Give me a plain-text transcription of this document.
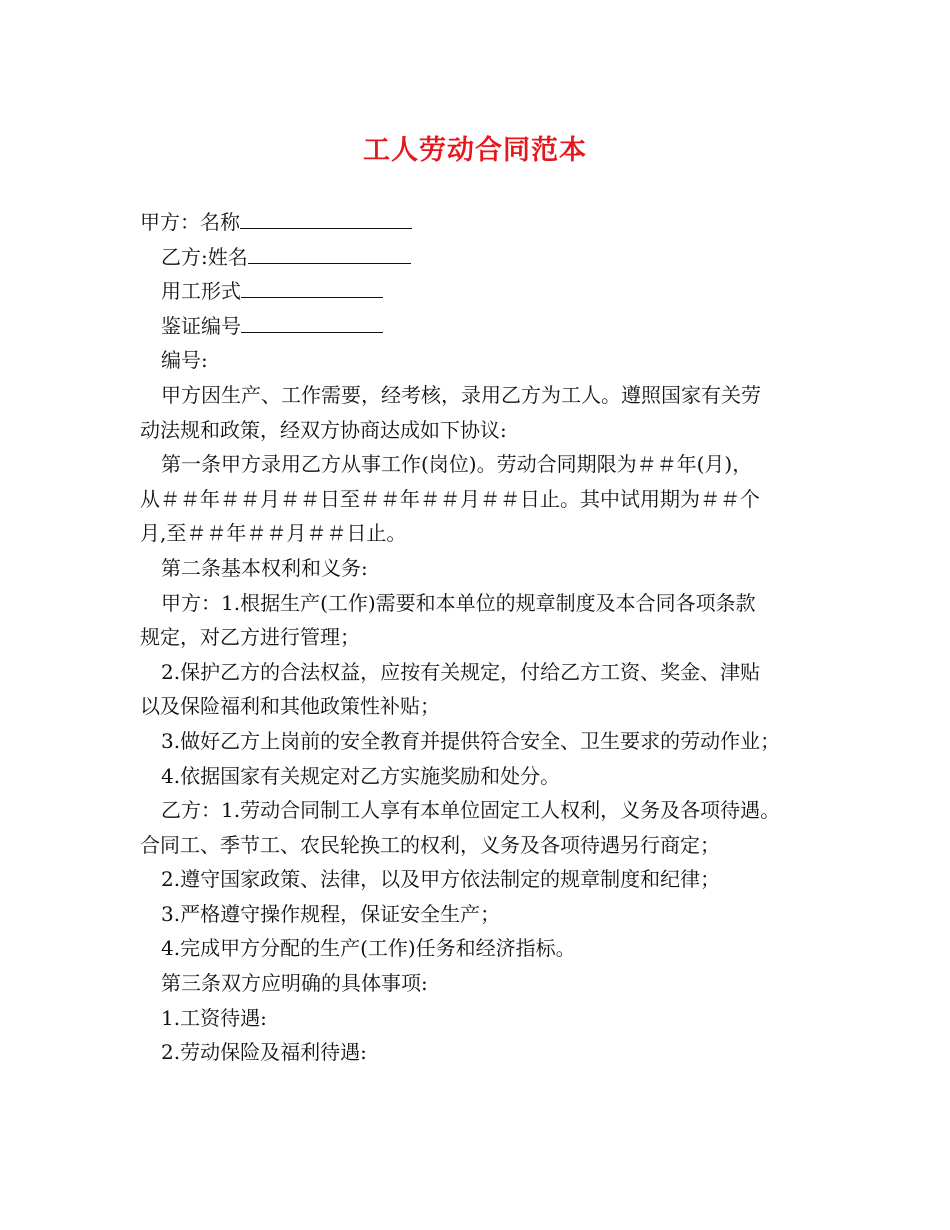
工人劳动合同范本
甲方：名称
乙方:姓名
用工形式
鉴证编号
编号:
甲方因生产、工作需要，经考核，录用乙方为工人。遵照国家有关劳
动法规和政策，经双方协商达成如下协议:
第一条甲方录用乙方从事工作(岗位)。劳动合同期限为＃＃年(月)，
从＃＃年＃＃月＃＃日至＃＃年＃＃月＃＃日止。其中试用期为＃＃个
月,至＃＃年＃＃月＃＃日止。
第二条基本权利和义务:
甲方：1.根据生产(工作)需要和本单位的规章制度及本合同各项条款
规定，对乙方进行管理；
2.保护乙方的合法权益，应按有关规定，付给乙方工资、奖金、津贴
以及保险福利和其他政策性补贴；
3.做好乙方上岗前的安全教育并提供符合安全、卫生要求的劳动作业；
4.依据国家有关规定对乙方实施奖励和处分。
乙方：1.劳动合同制工人享有本单位固定工人权利，义务及各项待遇。
合同工、季节工、农民轮换工的权利，义务及各项待遇另行商定；
2.遵守国家政策、法律，以及甲方依法制定的规章制度和纪律；
3.严格遵守操作规程，保证安全生产；
4.完成甲方分配的生产(工作)任务和经济指标。
第三条双方应明确的具体事项:
1.工资待遇:
2.劳动保险及福利待遇:
